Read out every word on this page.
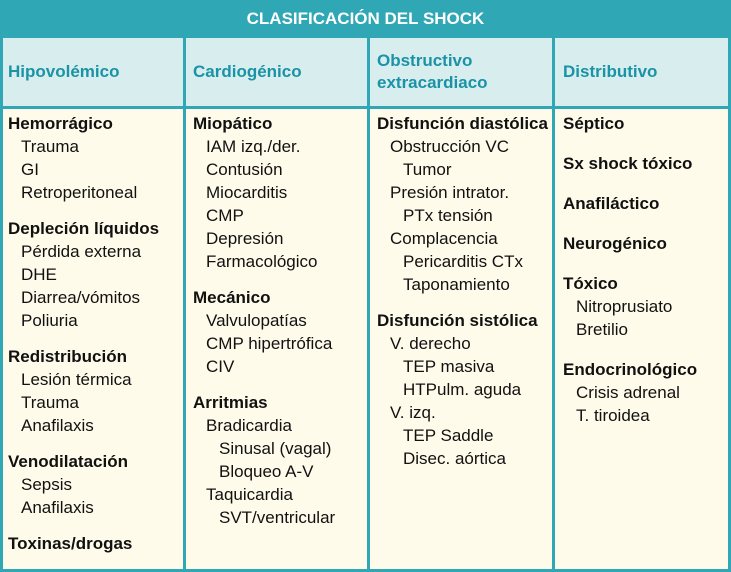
CLASIFICACIÓN DEL SHOCK
Hipovolémico	Cardiogénico
Obstructivo
extracardiaco
Distributivo
Hemorrágico
Trauma
GI
Retroperitoneal
Depleción líquidos
Pérdida externa
DHE
Diarrea/vómitos
Poliuria
Redistribución
Lesión térmica
Trauma
Anafilaxis
Venodilatación
Sepsis
Anafilaxis
Toxinas/drogas
Miopático
IAM izq./der.
Contusión
Miocarditis
CMP
Depresión
Farmacológico
Mecánico
Valvulopatías
CMP hipertrófica
CIV
Arritmias
Bradicardia
Sinusal (vagal)
Bloqueo A-V
Taquicardia
SVT/ventricular
Disfunción diastólica
Obstrucción VC
Tumor
Presión intrator.
PTx tensión
Complacencia
Pericarditis CTx
Taponamiento
Disfunción sistólica
V. derecho
TEP masiva
HTPulm. aguda
V. izq.
TEP Saddle
Disec. aórtica
Séptico
Sx shock tóxico
Anafiláctico
Neurogénico
Tóxico
Nitroprusiato
Bretilio
Endocrinológico
Crisis adrenal
T. tiroidea
